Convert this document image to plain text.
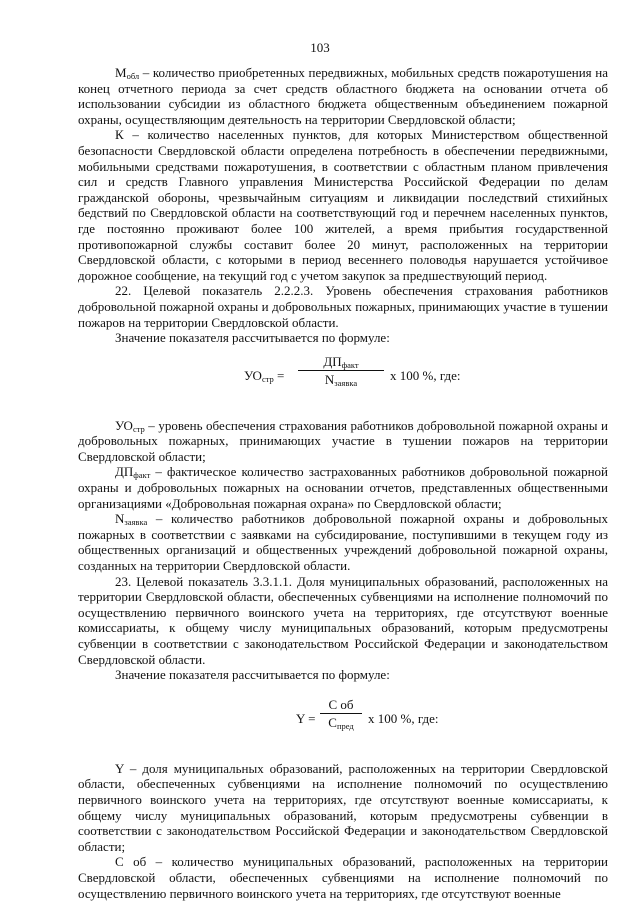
103

$М_{обл}$ – количество приобретенных передвижных, мобильных средств пожаротушения на конец отчетного периода за счет средств областного бюджета на основании отчета об использовании субсидии из областного бюджета общественным объединением пожарной охраны, осуществляющим деятельность на территории Свердловской области;

К – количество населенных пунктов, для которых Министерством общественной безопасности Свердловской области определена потребность в обеспечении передвижными, мобильными средствами пожаротушения, в соответствии с областным планом привлечения сил и средств Главного управления Министерства Российской Федерации по делам гражданской обороны, чрезвычайным ситуациям и ликвидации последствий стихийных бедствий по Свердловской области на соответствующий год и перечнем населенных пунктов, где постоянно проживают более 100 жителей, а время прибытия государственной противопожарной службы составит более 20 минут, расположенных на территории Свердловской области, с которыми в период весеннего половодья нарушается устойчивое дорожное сообщение, на текущий год с учетом закупок за предшествующий период.

22. Целевой показатель 2.2.2.3. Уровень обеспечения страхования работников добровольной пожарной охраны и добровольных пожарных, принимающих участие в тушении пожаров на территории Свердловской области.

Значение показателя рассчитывается по формуле:

$УО_{стр}$ =
$ДП_{факт}$
$N_{заявка}$
x 100 %, где:

$УО_{стр}$ – уровень обеспечения страхования работников добровольной пожарной охраны и добровольных пожарных, принимающих участие в тушении пожаров на территории Свердловской области;

$ДП_{факт}$ – фактическое количество застрахованных работников добровольной пожарной охраны и добровольных пожарных на основании отчетов, представленных общественными организациями «Добровольная пожарная охрана» по Свердловской области;

$N_{заявка}$ – количество работников добровольной пожарной охраны и добровольных пожарных в соответствии с заявками на субсидирование, поступившими в текущем году из общественных организаций и общественных учреждений добровольной пожарной охраны, созданных на территории Свердловской области.

23. Целевой показатель 3.3.1.1. Доля муниципальных образований, расположенных на территории Свердловской области, обеспеченных субвенциями на исполнение полномочий по осуществлению первичного воинского учета на территориях, где отсутствуют военные комиссариаты, к общему числу муниципальных образований, которым предусмотрены субвенции в соответствии с законодательством Российской Федерации и законодательством Свердловской области.

Значение показателя рассчитывается по формуле:

Y =
С об
$С_{пред}$
x 100 %, где:

Y – доля муниципальных образований, расположенных на территории Свердловской области, обеспеченных субвенциями на исполнение полномочий по осуществлению первичного воинского учета на территориях, где отсутствуют военные комиссариаты, к общему числу муниципальных образований, которым предусмотрены субвенции в соответствии с законодательством Российской Федерации и законодательством Свердловской области;

С об – количество муниципальных образований, расположенных на территории Свердловской области, обеспеченных субвенциями на исполнение полномочий по осуществлению первичного воинского учета на территориях, где отсутствуют военные
